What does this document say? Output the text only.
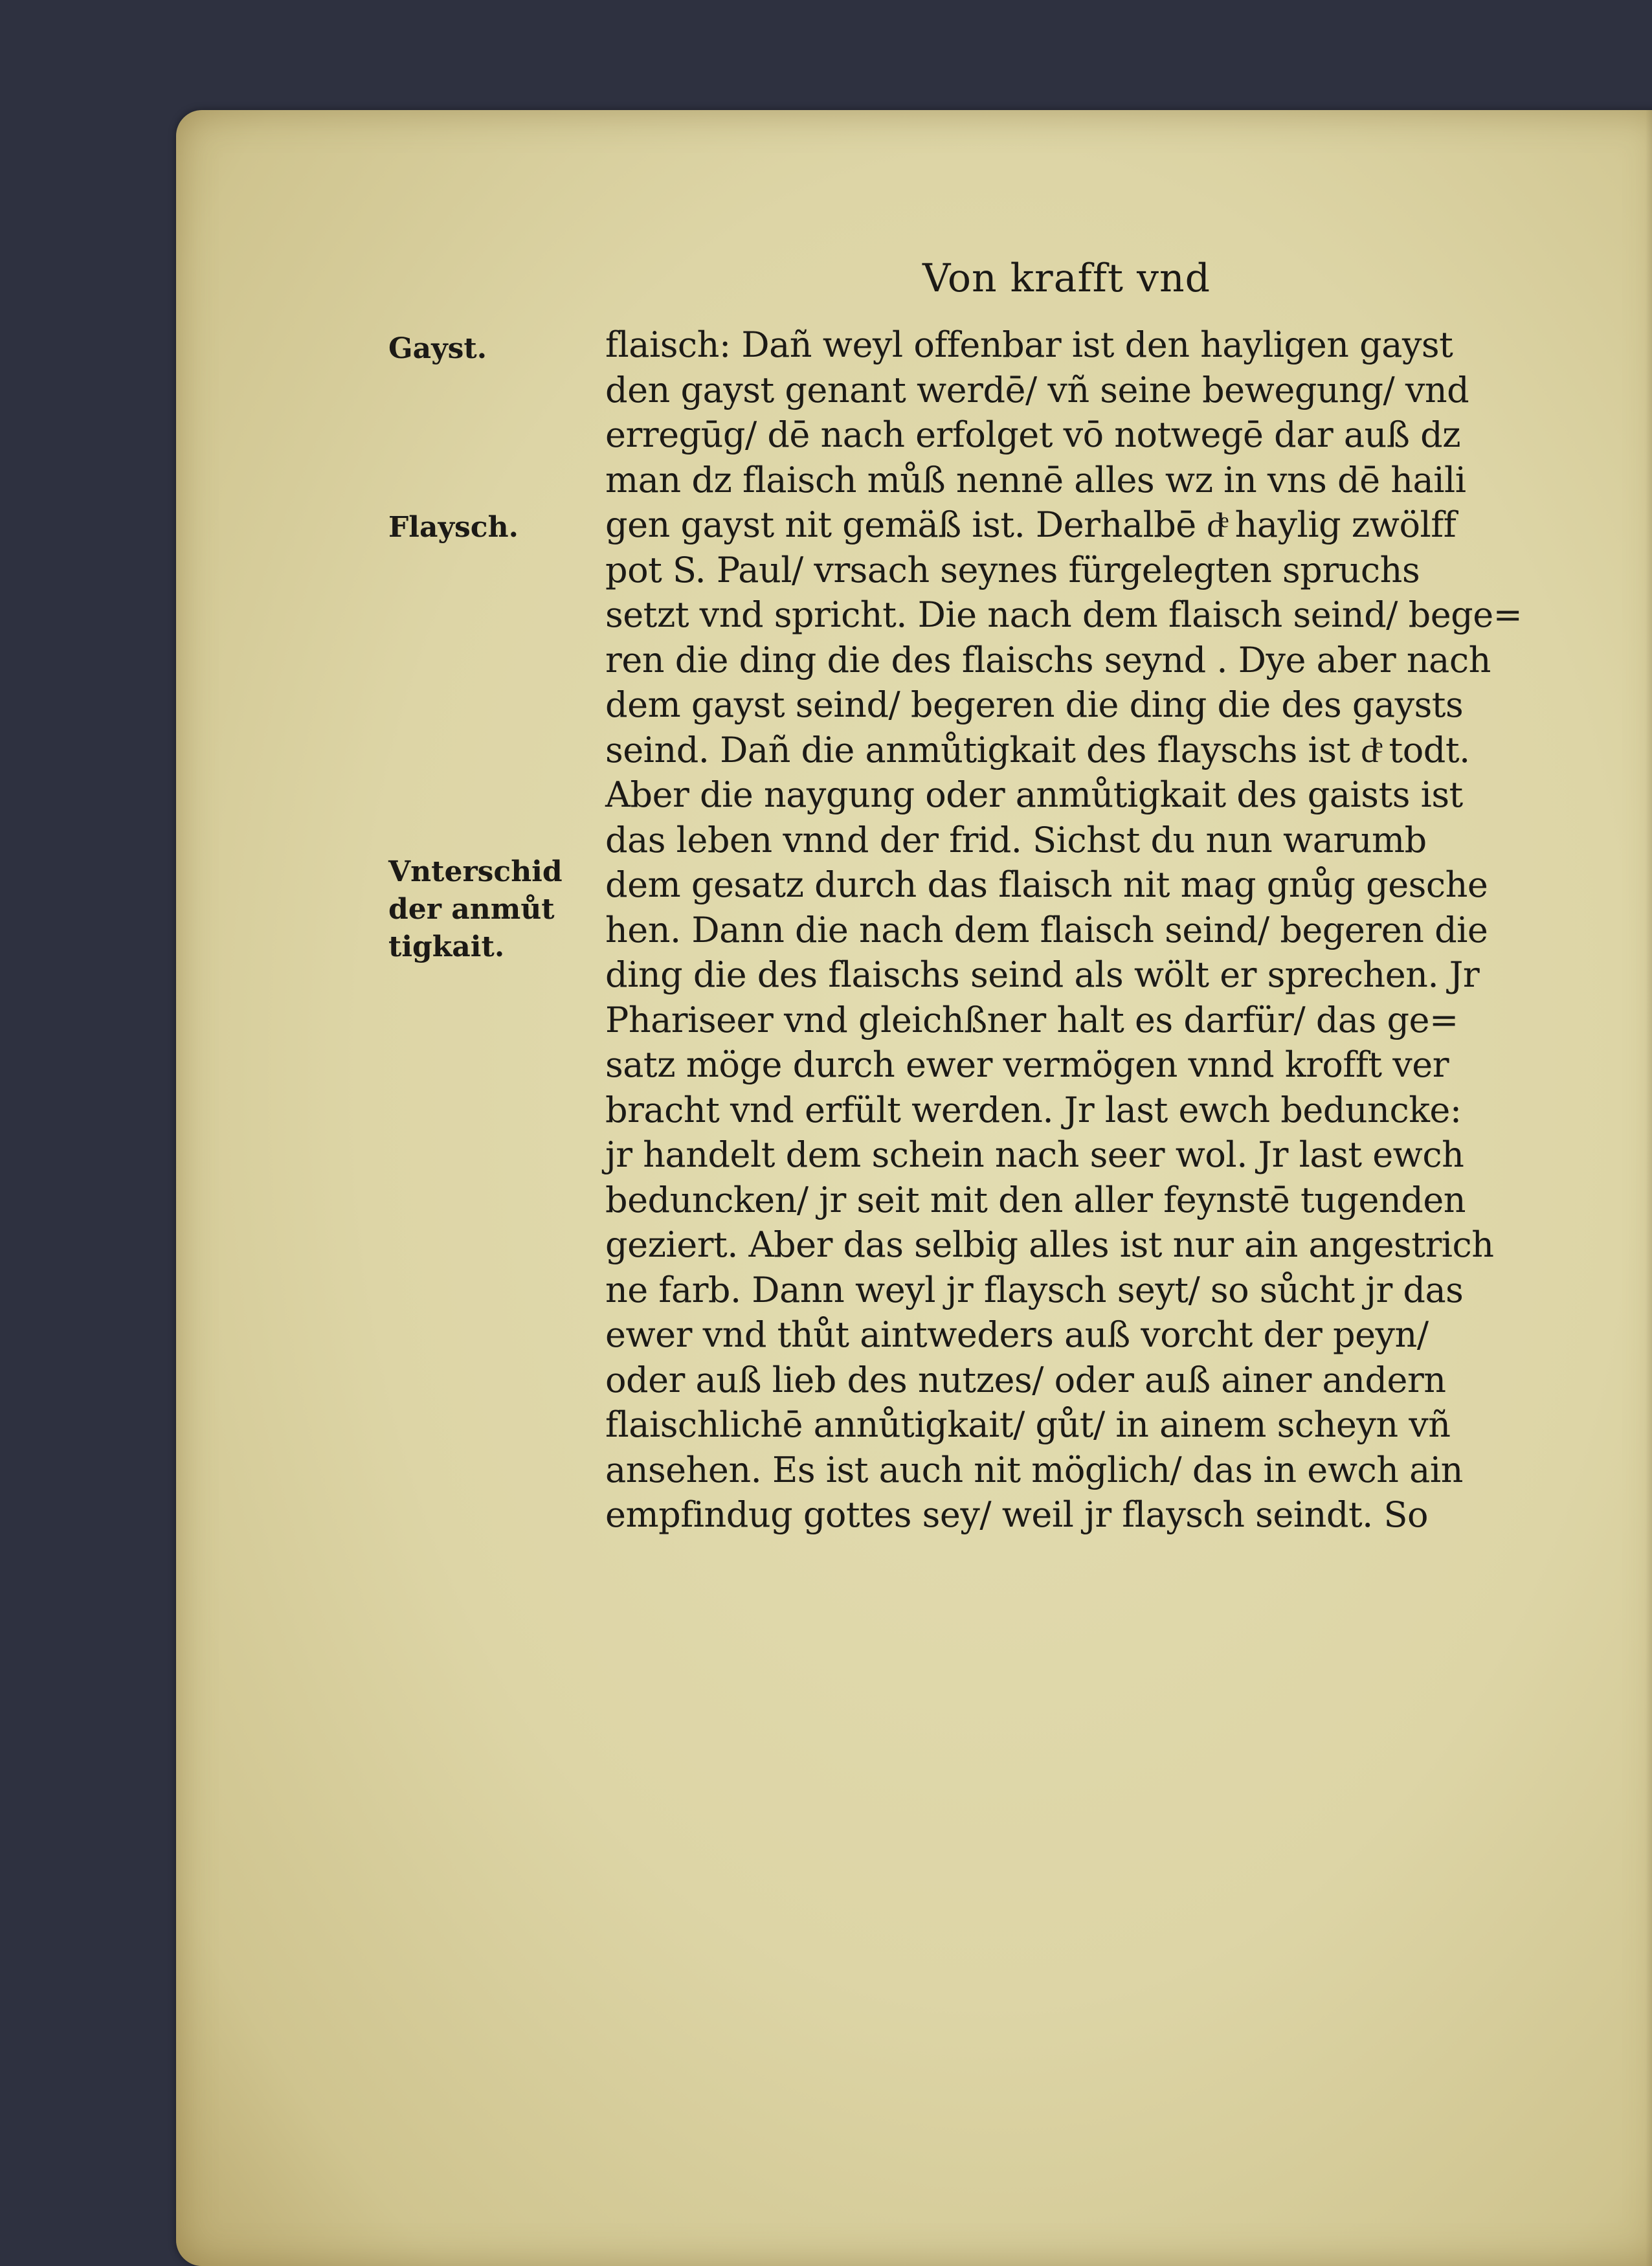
Von krafft vnd
Gayst.
Flaysch.
Vnterschid
der anmůt
tigkait.
flaisch: Dañ weyl offenbar ist den hayligen gayst
den gayst genant werdē/ vñ seine bewegung/ vnd
erregūg/ dē nach erfolget vō notwegē dar auß dz
man dz flaisch můß nennē alles wz in vns dē haili
gen gayst nit gemäß ist. Derhalbē dͤ haylig zwölff
pot S. Paul/ vrsach seynes fürgelegten spruchs
setzt vnd spricht. Die nach dem flaisch seind/ bege=
ren die ding die des flaischs seynd . Dye aber nach
dem gayst seind/ begeren die ding die des gaysts
seind. Dañ die anmůtigkait des flayschs ist dͤ todt.
Aber die naygung oder anmůtigkait des gaists ist
das leben vnnd der frid. Sichst du nun warumb
dem gesatz durch das flaisch nit mag gnůg gesche
hen. Dann die nach dem flaisch seind/ begeren die
ding die des flaischs seind als wölt er sprechen. Jr
Phariseer vnd gleichßner halt es darfür/ das ge=
satz möge durch ewer vermögen vnnd krofft ver
bracht vnd erfült werden. Jr last ewch beduncke:
jr handelt dem schein nach seer wol. Jr last ewch
beduncken/ jr seit mit den aller feynstē tugenden
geziert. Aber das selbig alles ist nur ain angestrich
ne farb. Dann weyl jr flaysch seyt/ so sůcht jr das
ewer vnd thůt aintweders auß vorcht der peyn/
oder auß lieb des nutzes/ oder auß ainer andern
flaischlichē annůtigkait/ gůt/ in ainem scheyn vñ
ansehen. Es ist auch nit möglich/ das in ewch ain
empfindug gottes sey/ weil jr flaysch seindt. So
